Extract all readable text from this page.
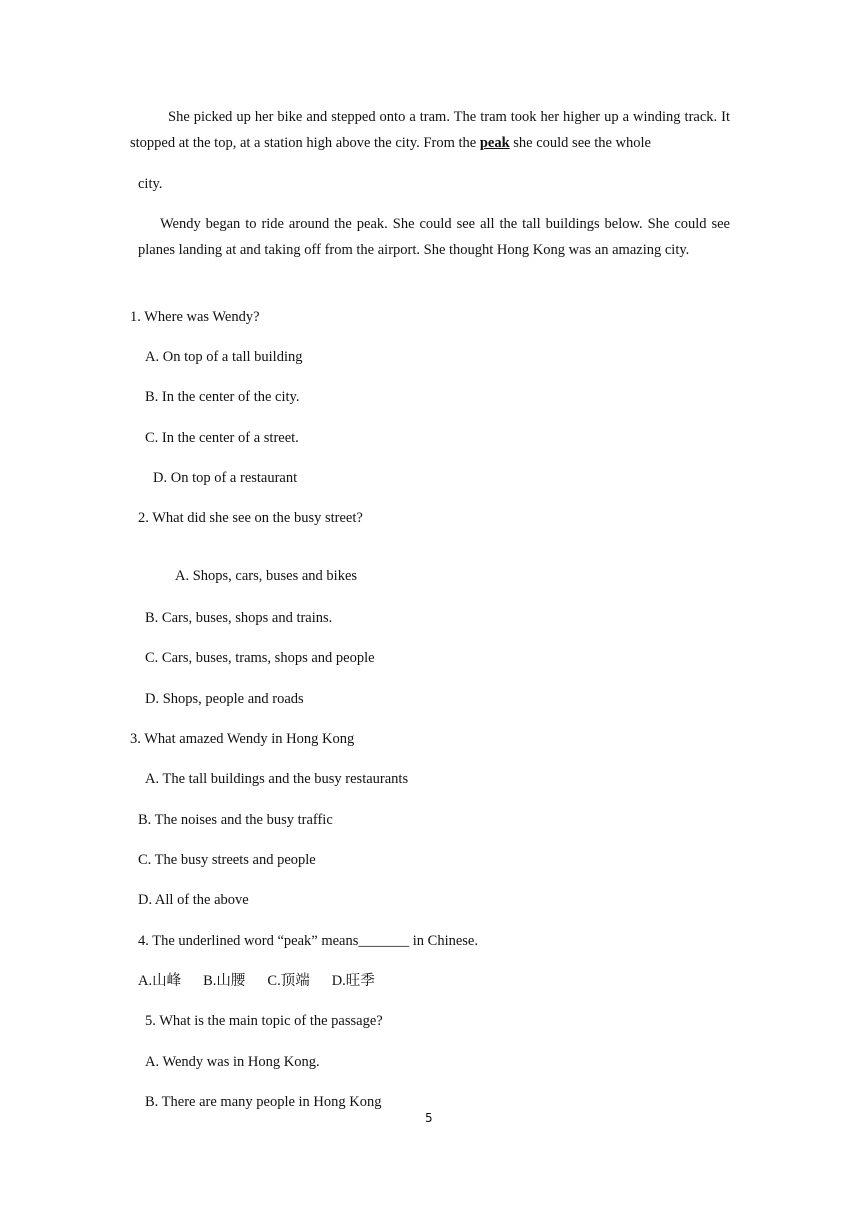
She picked up her bike and stepped onto a tram. The tram took her higher up a winding track. It stopped at the top, at a station high above the city. From the peak she could see the whole

city.

Wendy began to ride around the peak. She could see all the tall buildings below. She could see planes landing at and taking off from the airport. She thought Hong Kong was an amazing city.

1. Where was Wendy?
A. On top of a tall building
B. In the center of the city.
C. In the center of a street.
D. On top of a restaurant
2. What did she see on the busy street?
A. Shops, cars, buses and bikes
B. Cars, buses, shops and trains.
C. Cars, buses, trams, shops and people
D. Shops, people and roads
3. What amazed Wendy in Hong Kong
A. The tall buildings and the busy restaurants
B. The noises and the busy traffic
C. The busy streets and people
D. All of the above
4. The underlined word “peak” means_______ in Chinese.
A.山峰 B.山腰 C.顶端 D.旺季
5. What is the main topic of the passage?
A. Wendy was in Hong Kong.
B. There are many people in Hong Kong
5
